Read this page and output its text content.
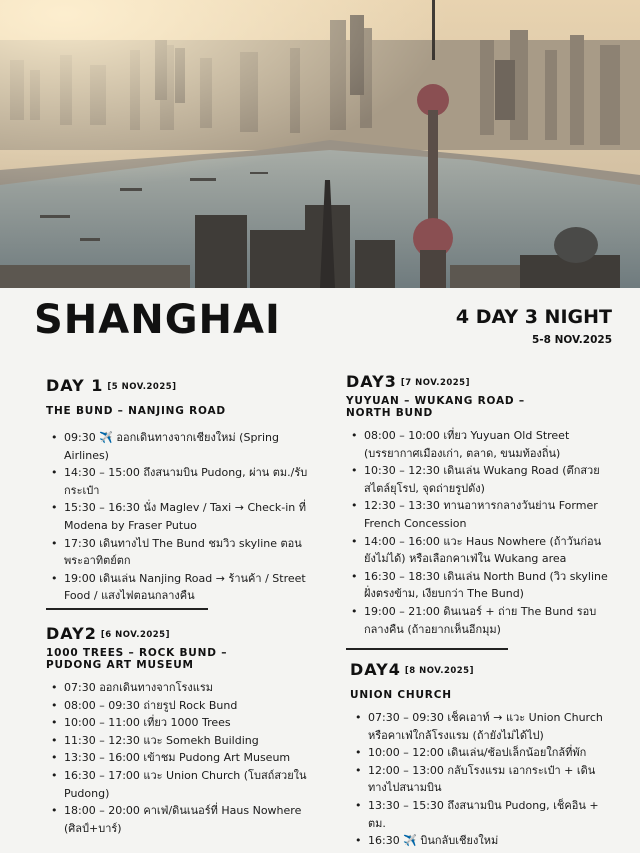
SHANGHAI	4 DAY 3 NIGHT
5-8 NOV.2025
DAY 1 [5 NOV.2025]
THE BUND – NANJING ROAD
• 09:30 ✈️ ออกเดินทางจากเชียงใหม่ (Spring Airlines)
• 14:30 – 15:00 ถึงสนามบิน Pudong, ผ่าน ตม./รับกระเป๋า
• 15:30 – 16:30 นั่ง Maglev / Taxi → Check-in ที่ Modena by Fraser Putuo
• 17:30 เดินทางไป The Bund ชมวิว skyline ตอนพระอาทิตย์ตก
• 19:00 เดินเล่น Nanjing Road → ร้านค้า / Street Food / แสงไฟตอนกลางคืน
DAY2 [6 NOV.2025]
1000 TREES – ROCK BUND – PUDONG ART MUSEUM
• 07:30 ออกเดินทางจากโรงแรม
• 08:00 – 09:30 ถ่ายรูป Rock Bund
• 10:00 – 11:00 เที่ยว 1000 Trees
• 11:30 – 12:30 แวะ Somekh Building
• 13:30 – 16:00 เข้าชม Pudong Art Museum
• 16:30 – 17:00 แวะ Union Church (โบสถ์สวยใน Pudong)
• 18:00 – 20:00 คาเฟ่/ดินเนอร์ที่ Haus Nowhere (ศิลป์+บาร์)
DAY3 [7 NOV.2025]
YUYUAN – WUKANG ROAD – NORTH BUND
• 08:00 – 10:00 เที่ยว Yuyuan Old Street (บรรยากาศเมืองเก่า, ตลาด, ขนมท้องถิ่น)
• 10:30 – 12:30 เดินเล่น Wukang Road (ตึกสวยสไตล์ยุโรป, จุดถ่ายรูปดัง)
• 12:30 – 13:30 ทานอาหารกลางวันย่าน Former French Concession
• 14:00 – 16:00 แวะ Haus Nowhere (ถ้าวันก่อนยังไม่ได้) หรือเลือกคาเฟ่ใน Wukang area
• 16:30 – 18:30 เดินเล่น North Bund (วิว skyline ฝั่งตรงข้าม, เงียบกว่า The Bund)
• 19:00 – 21:00 ดินเนอร์ + ถ่าย The Bund รอบกลางคืน (ถ้าอยากเห็นอีกมุม)
DAY4 [8 NOV.2025]
UNION CHURCH
• 07:30 – 09:30 เช็คเอาท์ → แวะ Union Church หรือคาเฟ่ใกล้โรงแรม (ถ้ายังไม่ได้ไป)
• 10:00 – 12:00 เดินเล่น/ช้อปเล็กน้อยใกล้ที่พัก
• 12:00 – 13:00 กลับโรงแรม เอากระเป๋า + เดินทางไปสนามบิน
• 13:30 – 15:30 ถึงสนามบิน Pudong, เช็คอิน + ตม.
• 16:30 ✈️ บินกลับเชียงใหม่
